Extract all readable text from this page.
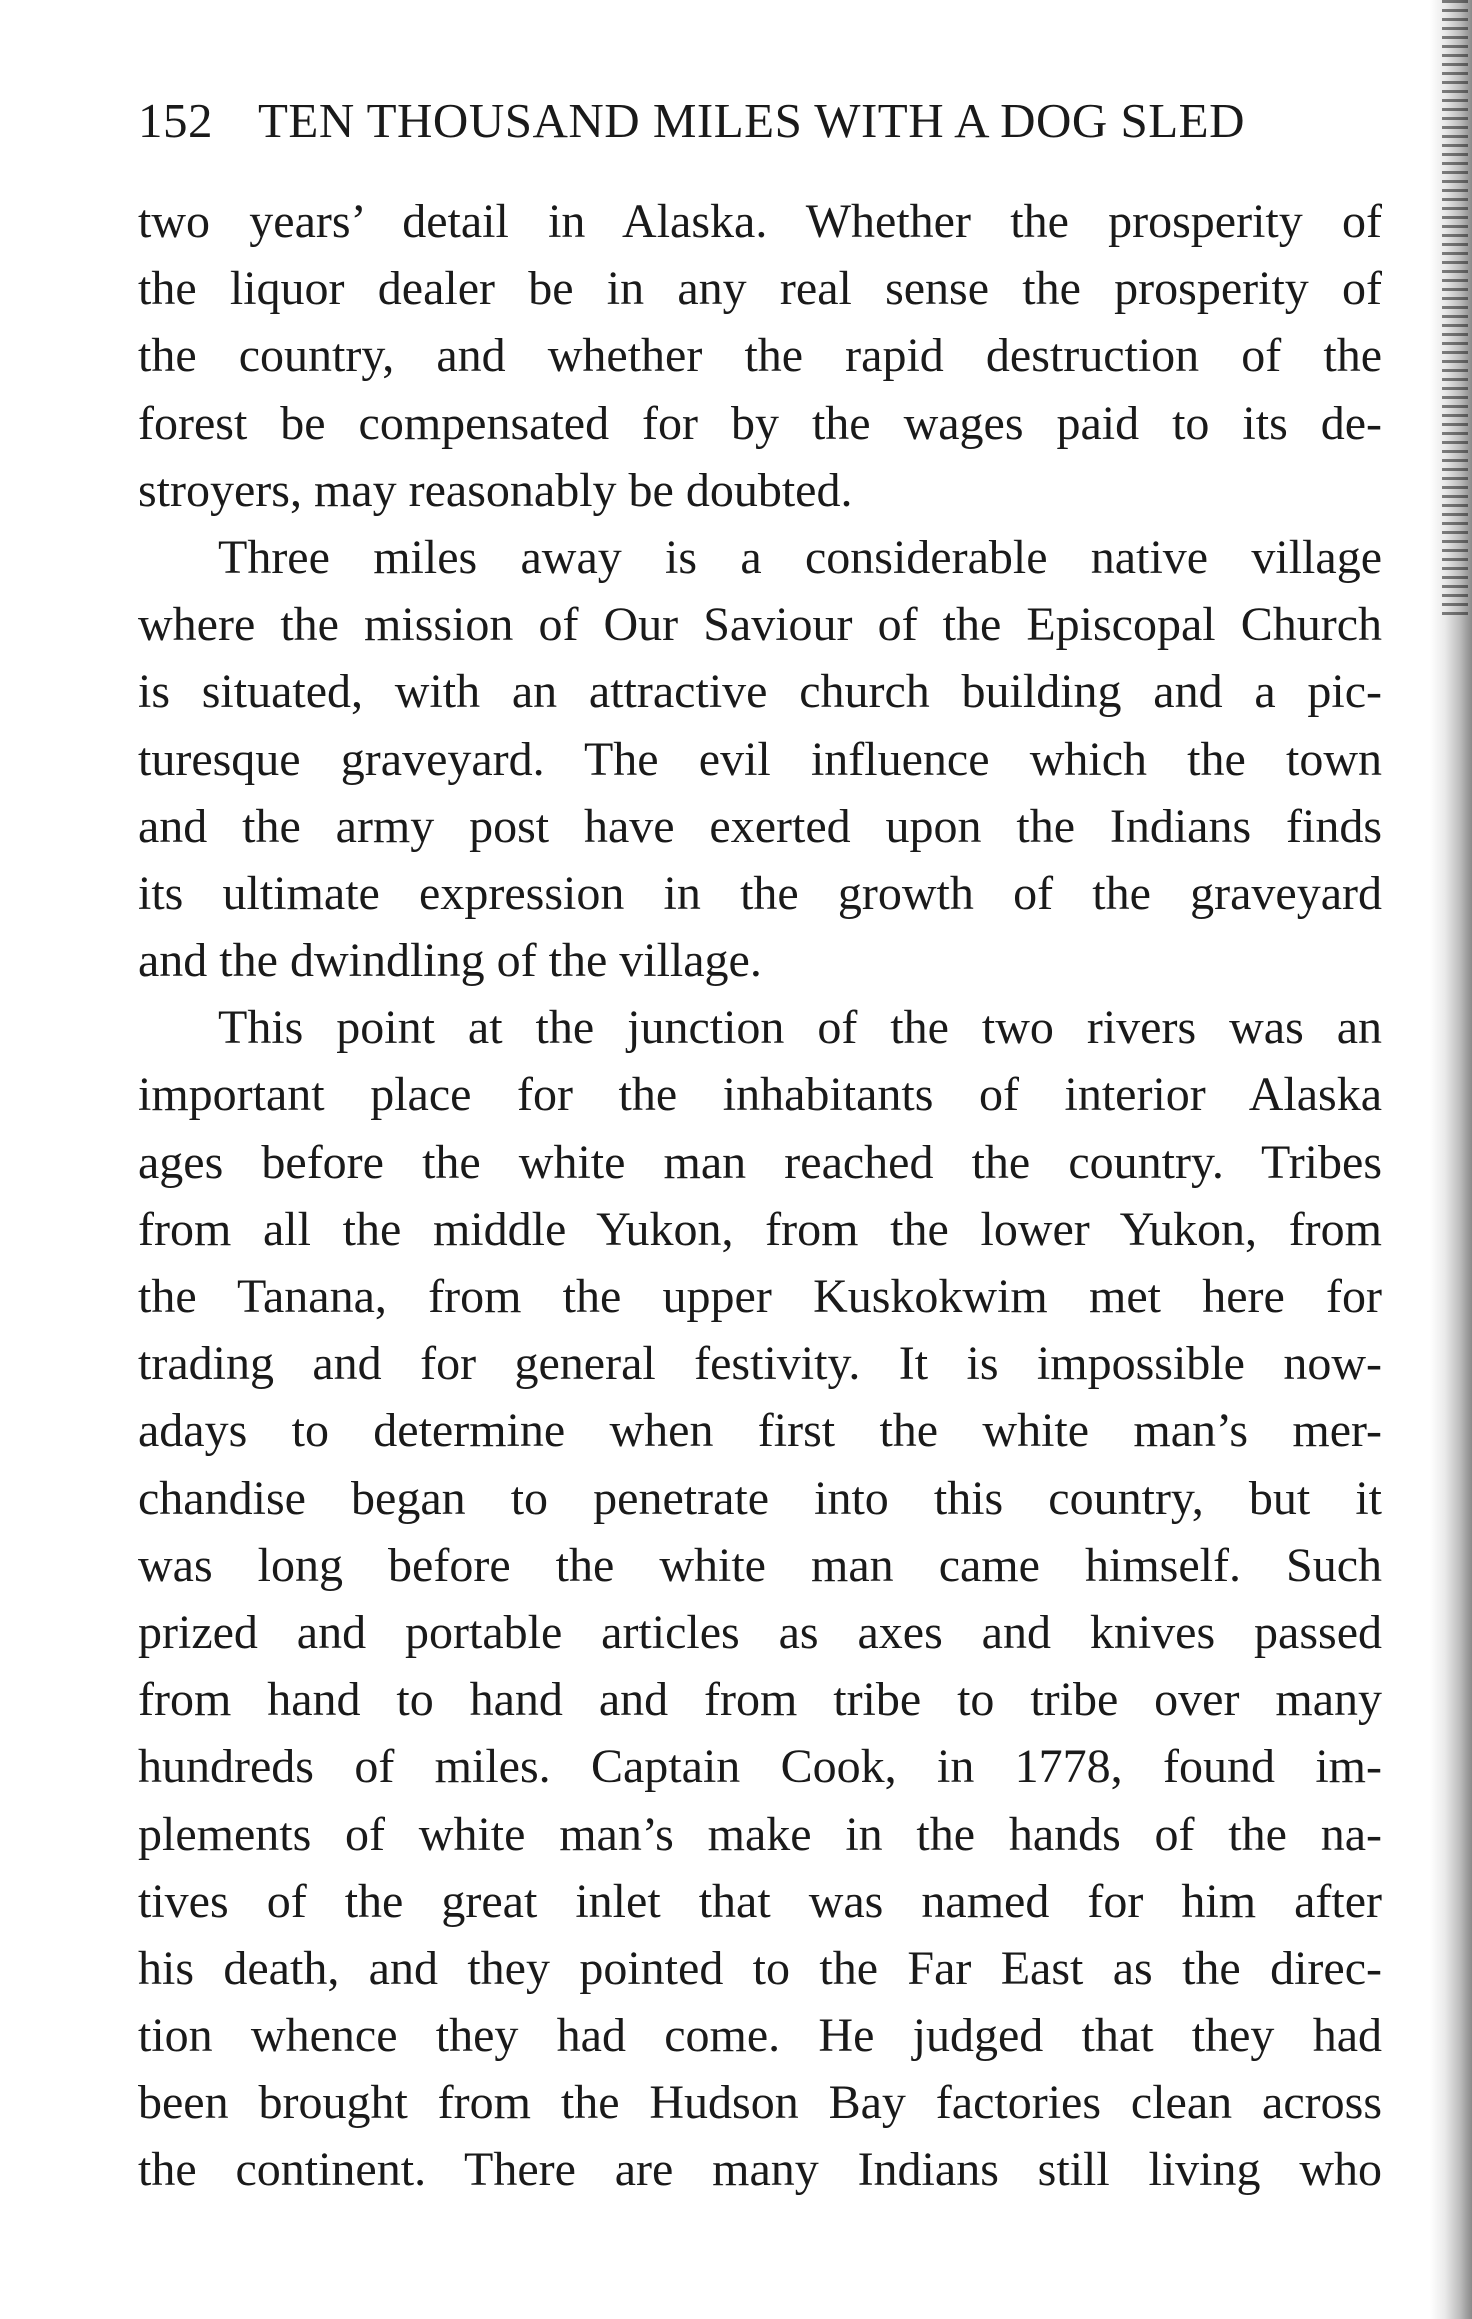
152 TEN THOUSAND MILES WITH A DOG SLED
two years’ detail in Alaska. Whether the prosperity of
the liquor dealer be in any real sense the prosperity of
the country, and whether the rapid destruction of the
forest be compensated for by the wages paid to its de-
stroyers, may reasonably be doubted.
Three miles away is a considerable native village
where the mission of Our Saviour of the Episcopal Church
is situated, with an attractive church building and a pic-
turesque graveyard. The evil influence which the town
and the army post have exerted upon the Indians finds
its ultimate expression in the growth of the graveyard
and the dwindling of the village.
This point at the junction of the two rivers was an
important place for the inhabitants of interior Alaska
ages before the white man reached the country. Tribes
from all the middle Yukon, from the lower Yukon, from
the Tanana, from the upper Kuskokwim met here for
trading and for general festivity. It is impossible now-
adays to determine when first the white man’s mer-
chandise began to penetrate into this country, but it
was long before the white man came himself. Such
prized and portable articles as axes and knives passed
from hand to hand and from tribe to tribe over many
hundreds of miles. Captain Cook, in 1778, found im-
plements of white man’s make in the hands of the na-
tives of the great inlet that was named for him after
his death, and they pointed to the Far East as the direc-
tion whence they had come. He judged that they had
been brought from the Hudson Bay factories clean across
the continent. There are many Indians still living who
